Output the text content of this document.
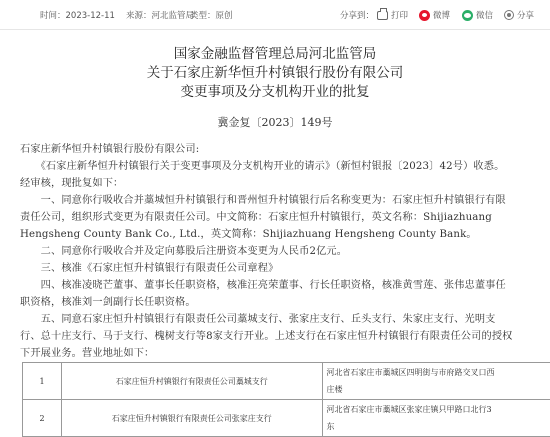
时间：2023-12-11 来源：河北监管局
类型：原创	分享到： 打印	微博	微信	分享
国家金融监督管理总局河北监管局
关于石家庄新华恒升村镇银行股份有限公司
变更事项及分支机构开业的批复
冀金复〔2023〕149号
石家庄新华恒升村镇银行股份有限公司:
　　《石家庄新华恒升村镇银行关于变更事项及分支机构开业的请示》（新恒村银报〔2023〕42号）收悉。
经审核，现批复如下：
　　一、同意你行吸收合并藁城恒升村镇银行和晋州恒升村镇银行后名称变更为：石家庄恒升村镇银行有限
责任公司，组织形式变更为有限责任公司。中文简称：石家庄恒升村镇银行，英文名称：Shijiazhuang
Hengsheng County Bank Co., Ltd.，英文简称：Shijiazhuang Hengsheng County Bank。
　　二、同意你行吸收合并及定向募股后注册资本变更为人民币2亿元。
　　三、核准《石家庄恒升村镇银行有限责任公司章程》
　　四、核准凌晓芒董事、董事长任职资格，核准汪亮荣董事、行长任职资格，核准黄雪莲、张伟忠董事任
职资格，核准刘一剑副行长任职资格。
　　五、同意石家庄恒升村镇银行有限责任公司藁城支行、张家庄支行、丘头支行、朱家庄支行、光明支
行、总十庄支行、马于支行、槐树支行等8家支行开业。上述支行在石家庄恒升村镇银行有限责任公司的授权
下开展业务。营业地址如下：
1	石家庄恒升村镇银行有限责任公司藁城支行	河北省石家庄市藁城区四明街与市府路交叉口西
庄楼

2	石家庄恒升村镇银行有限责任公司张家庄支行	河北省石家庄市藁城区张家庄镇只甲路口北行3
东
